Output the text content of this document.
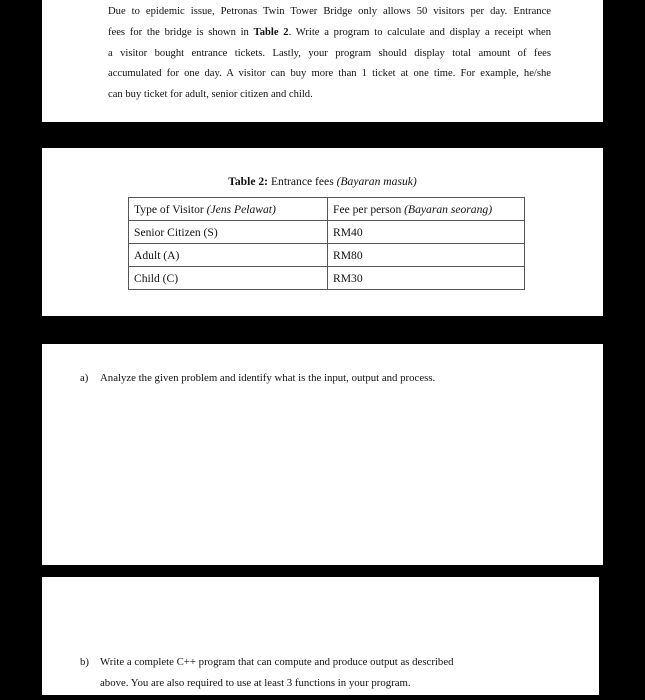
Due to epidemic issue, Petronas Twin Tower Bridge only allows 50 visitors per day. Entrance
fees for the bridge is shown in Table 2. Write a program to calculate and display a receipt when
a visitor bought entrance tickets. Lastly, your program should display total amount of fees
accumulated for one day. A visitor can buy more than 1 ticket at one time. For example, he/she
can buy ticket for adult, senior citizen and child.

Table 2: Entrance fees (Bayaran masuk)
Type of Visitor (Jens Pelawat)	Fee per person (Bayaran seorang)
Senior Citizen (S)	RM40
Adult (A)	RM80
Child (C)	RM30

a) Analyze the given problem and identify what is the input, output and process.

b) Write a complete C++ program that can compute and produce output as described
above. You are also required to use at least 3 functions in your program.
